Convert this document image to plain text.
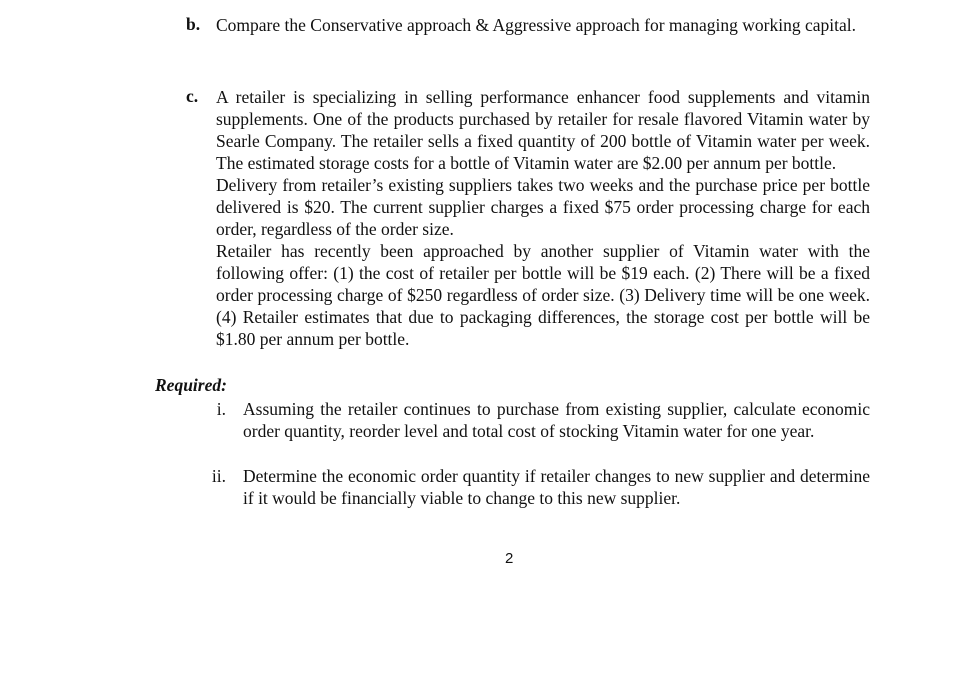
b. Compare the Conservative approach & Aggressive approach for managing working capital.

c.	A retailer is specializing in selling performance enhancer food supplements and vitamin supplements. One of the products purchased by retailer for resale flavored Vitamin water by Searle Company. The retailer sells a fixed quantity of 200 bottle of Vitamin water per week. The estimated storage costs for a bottle of Vitamin water are $2.00 per annum per bottle.

Delivery from retailer’s existing suppliers takes two weeks and the purchase price per bottle delivered is $20. The current supplier charges a fixed $75 order processing charge for each order, regardless of the order size.

Retailer has recently been approached by another supplier of Vitamin water with the following offer: (1) the cost of retailer per bottle will be $19 each. (2) There will be a fixed order processing charge of $250 regardless of order size. (3) Delivery time will be one week. (4) Retailer estimates that due to packaging differences, the storage cost per bottle will be $1.80 per annum per bottle.

Required:
i. Assuming the retailer continues to purchase from existing supplier, calculate economic order quantity, reorder level and total cost of stocking Vitamin water for one year.
ii. Determine the economic order quantity if retailer changes to new supplier and determine if it would be financially viable to change to this new supplier.
2
